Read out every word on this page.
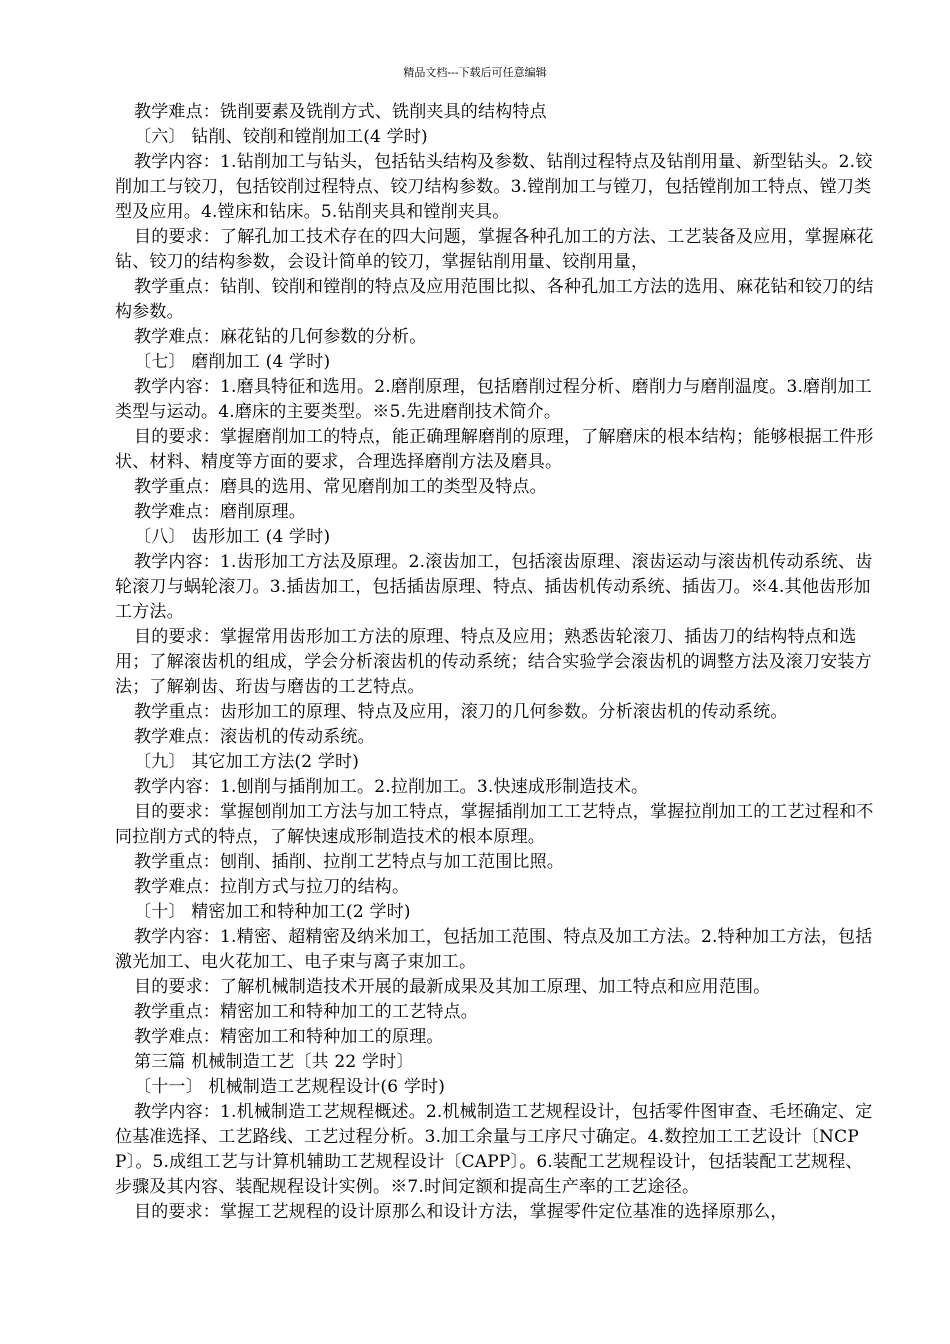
精品文档---下载后可任意编辑

教学难点：铣削要素及铣削方式、铣削夹具的结构特点

〔六〕 钻削、铰削和镗削加工(4 学时)

教学内容：1.钻削加工与钻头，包括钻头结构及参数、钻削过程特点及钻削用量、新型钻头。2.铰削加工与铰刀，包括铰削过程特点、铰刀结构参数。3.镗削加工与镗刀，包括镗削加工特点、镗刀类型及应用。4.镗床和钻床。5.钻削夹具和镗削夹具。

目的要求：了解孔加工技术存在的四大问题，掌握各种孔加工的方法、工艺装备及应用，掌握麻花钻、铰刀的结构参数，会设计简单的铰刀，掌握钻削用量、铰削用量，

教学重点：钻削、铰削和镗削的特点及应用范围比拟、各种孔加工方法的选用、麻花钻和铰刀的结构参数。

教学难点：麻花钻的几何参数的分析。

〔七〕 磨削加工 (4 学时)

教学内容：1.磨具特征和选用。2.磨削原理，包括磨削过程分析、磨削力与磨削温度。3.磨削加工类型与运动。4.磨床的主要类型。※5.先进磨削技术简介。

目的要求：掌握磨削加工的特点，能正确理解磨削的原理，了解磨床的根本结构；能够根据工件形状、材料、精度等方面的要求，合理选择磨削方法及磨具。

教学重点：磨具的选用、常见磨削加工的类型及特点。

教学难点：磨削原理。

〔八〕 齿形加工 (4 学时)

教学内容：1.齿形加工方法及原理。2.滚齿加工，包括滚齿原理、滚齿运动与滚齿机传动系统、齿轮滚刀与蜗轮滚刀。3.插齿加工，包括插齿原理、特点、插齿机传动系统、插齿刀。※4.其他齿形加工方法。

目的要求：掌握常用齿形加工方法的原理、特点及应用；熟悉齿轮滚刀、插齿刀的结构特点和选用；了解滚齿机的组成，学会分析滚齿机的传动系统；结合实验学会滚齿机的调整方法及滚刀安装方法；了解剃齿、珩齿与磨齿的工艺特点。

教学重点：齿形加工的原理、特点及应用，滚刀的几何参数。分析滚齿机的传动系统。

教学难点：滚齿机的传动系统。

〔九〕 其它加工方法(2 学时)

教学内容：1.刨削与插削加工。2.拉削加工。3.快速成形制造技术。

目的要求：掌握刨削加工方法与加工特点，掌握插削加工工艺特点，掌握拉削加工的工艺过程和不同拉削方式的特点，了解快速成形制造技术的根本原理。

教学重点：刨削、插削、拉削工艺特点与加工范围比照。

教学难点：拉削方式与拉刀的结构。

〔十〕 精密加工和特种加工(2 学时)

教学内容：1.精密、超精密及纳米加工，包括加工范围、特点及加工方法。2.特种加工方法，包括激光加工、电火花加工、电子束与离子束加工。

目的要求：了解机械制造技术开展的最新成果及其加工原理、加工特点和应用范围。

教学重点：精密加工和特种加工的工艺特点。

教学难点：精密加工和特种加工的原理。

第三篇 机械制造工艺〔共 22 学时〕

〔十一〕 机械制造工艺规程设计(6 学时)

教学内容：1.机械制造工艺规程概述。2.机械制造工艺规程设计，包括零件图审查、毛坯确定、定位基准选择、工艺路线、工艺过程分析。3.加工余量与工序尺寸确定。4.数控加工工艺设计〔NCPP〕。5.成组工艺与计算机辅助工艺规程设计〔CAPP〕。6.装配工艺规程设计，包括装配工艺规程、步骤及其内容、装配规程设计实例。※7.时间定额和提高生产率的工艺途径。

目的要求：掌握工艺规程的设计原那么和设计方法，掌握零件定位基准的选择原那么，
